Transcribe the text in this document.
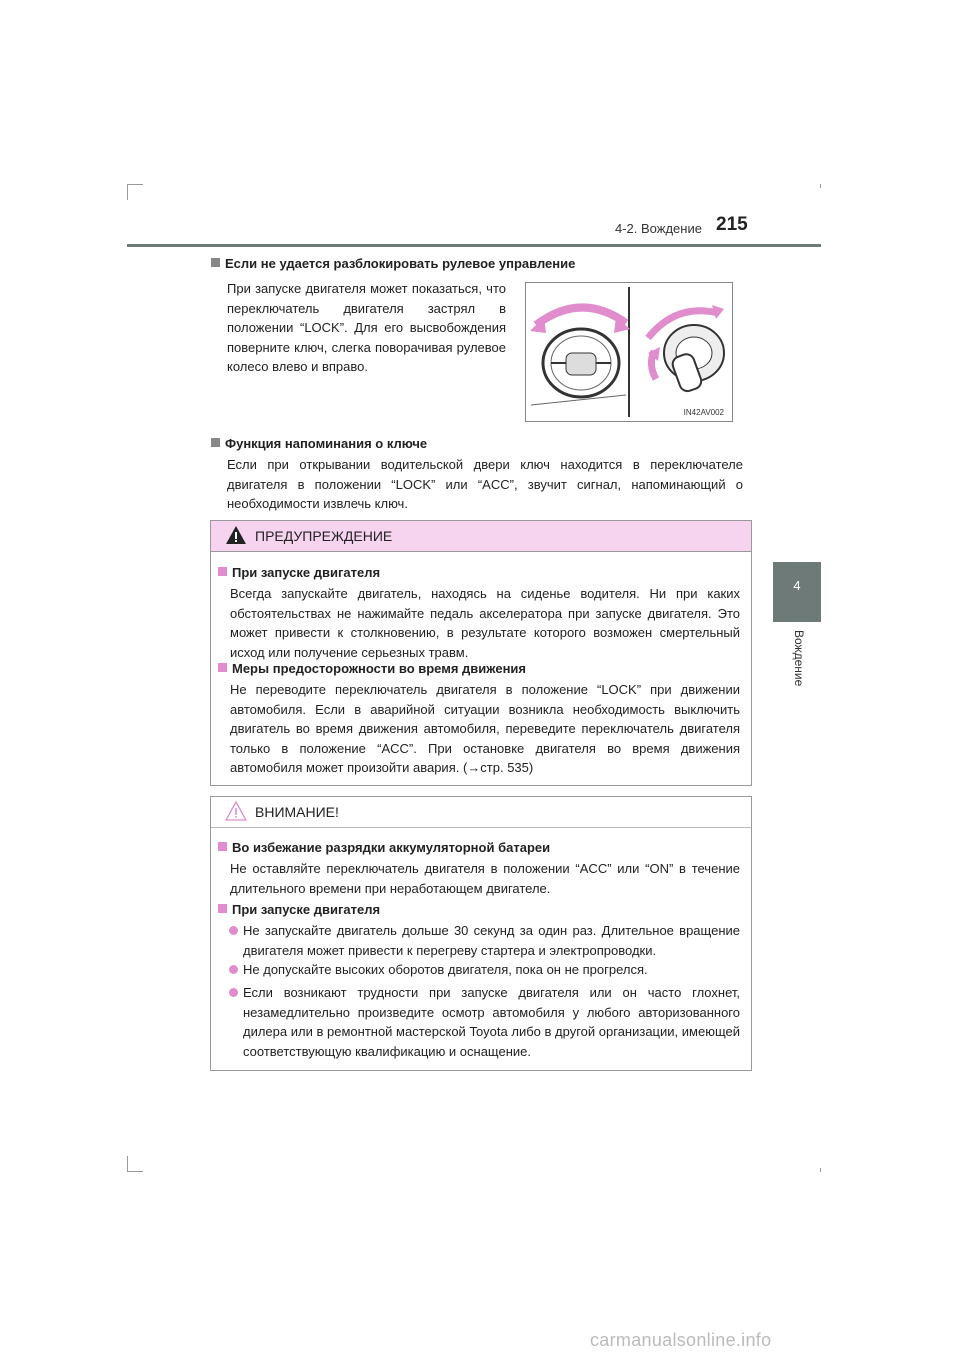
4-2. Вождение 215
4
Вождение
Если не удается разблокировать рулевое управление
При запуске двигателя может показаться, что переключатель двигателя застрял в положении “LOCK”. Для его высвобождения поверните ключ, слегка поворачивая рулевое колесо влево и вправо.
IN42AV002
Функция напоминания о ключе
Если при открывании водительской двери ключ находится в переключателе двигателя в положении “LOCK” или “ACC”, звучит сигнал, напоминающий о необходимости извлечь ключ.
ПРЕДУПРЕЖДЕНИЕ
При запуске двигателя
Всегда запускайте двигатель, находясь на сиденье водителя. Ни при каких обстоятельствах не нажимайте педаль акселератора при запуске двигателя. Это может привести к столкновению, в результате которого возможен смертельный исход или получение серьезных травм.
Меры предосторожности во время движения
Не переводите переключатель двигателя в положение “LOCK” при движении автомобиля. Если в аварийной ситуации возникла необходимость выключить двигатель во время движения автомобиля, переведите переключатель двигателя только в положение “ACC”. При остановке двигателя во время движения автомобиля может произойти авария. (→стр. 535)
ВНИМАНИЕ!
Во избежание разрядки аккумуляторной батареи
Не оставляйте переключатель двигателя в положении “ACC” или “ON” в течение длительного времени при неработающем двигателе.
При запуске двигателя
Не запускайте двигатель дольше 30 секунд за один раз. Длительное вращение двигателя может привести к перегреву стартера и электропроводки.
Не допускайте высоких оборотов двигателя, пока он не прогрелся.
Если возникают трудности при запуске двигателя или он часто глохнет, незамедлительно произведите осмотр автомобиля у любого авторизованного дилера или в ремонтной мастерской Toyota либо в другой организации, имеющей соответствующую квалификацию и оснащение.
carmanualsonline.info
